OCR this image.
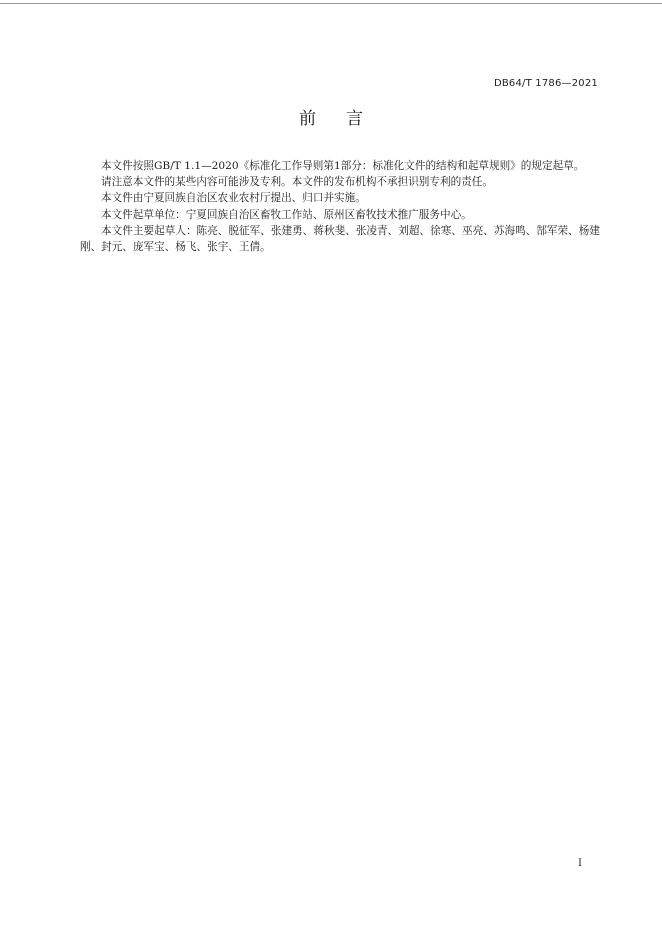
DB64/T 1786—2021
前言

本文件按照GB/T 1.1—2020《标准化工作导则第1部分：标准化文件的结构和起草规则》的规定起草。

请注意本文件的某些内容可能涉及专利。本文件的发布机构不承担识别专利的责任。

本文件由宁夏回族自治区农业农村厅提出、归口并实施。

本文件起草单位：宁夏回族自治区畜牧工作站、原州区畜牧技术推广服务中心。

本文件主要起草人：陈亮、脱征军、张建勇、蒋秋斐、张凌青、刘超、徐寒、巫亮、苏海鸣、郜军荣、杨建刚、封元、庞军宝、杨飞、张宇、王倩。

I
